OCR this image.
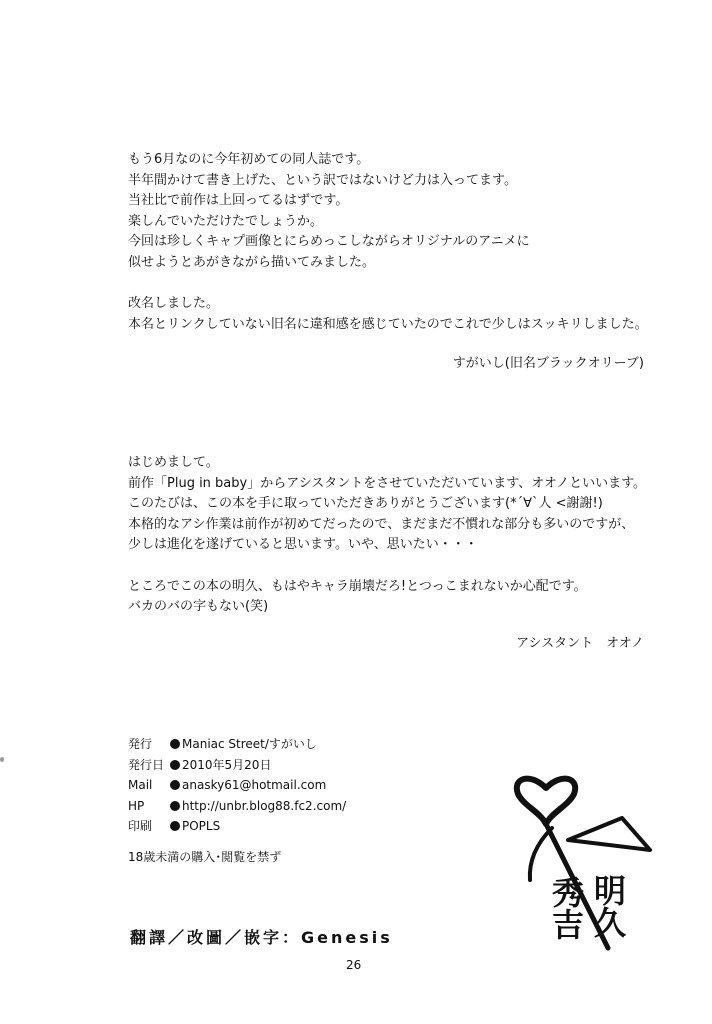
もう6月なのに今年初めての同人誌です。
半年間かけて書き上げた、という訳ではないけど力は入ってます。
当社比で前作は上回ってるはずです。
楽しんでいただけたでしょうか。
今回は珍しくキャプ画像とにらめっこしながらオリジナルのアニメに
似せようとあがきながら描いてみました。
改名しました。
本名とリンクしていない旧名に違和感を感じていたのでこれで少しはスッキリしました。
すがいし(旧名ブラックオリーブ)
はじめまして。
前作「Plug in baby」からアシスタントをさせていただいています、オオノといいます。
このたびは、この本を手に取っていただきありがとうございます(*´∀`人 <謝謝!)
本格的なアシ作業は前作が初めてだったので、まだまだ不慣れな部分も多いのですが、
少しは進化を遂げていると思います。いや、思いたい・・・
ところでこの本の明久、もはやキャラ崩壊だろ!とつっこまれないか心配です。
バカのバの字もない(笑)
アシスタント　オオノ
発行 Maniac Street/すがいし
発行日 2010年5月20日
Mail anasky61@hotmail.com
HP	http://unbr.blog88.fc2.com/
印刷 POPLS
18歳未満の購入･閲覧を禁ず
明久
秀吉
翻譯／改圖／嵌字：Genesis
26
